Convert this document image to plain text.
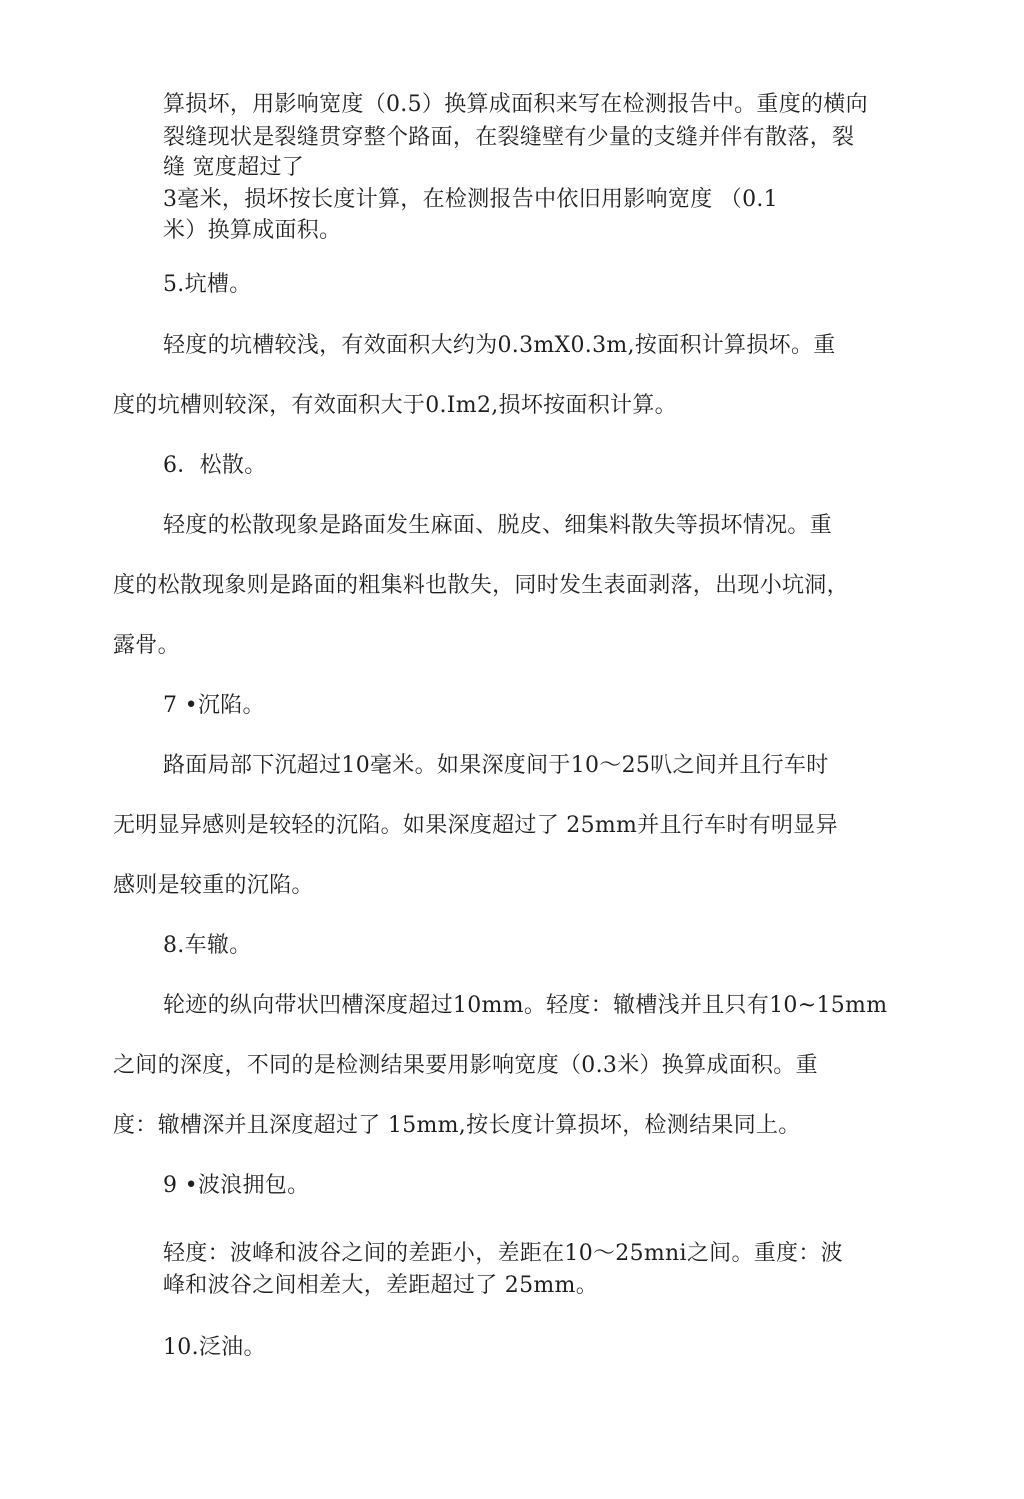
算损坏，用影响宽度（0.5）换算成面积来写在检测报告中。重度的横向
裂缝现状是裂缝贯穿整个路面，在裂缝壁有少量的支缝并伴有散落，裂
缝 宽度超过了
3毫米，损坏按长度计算，在检测报告中依旧用影响宽度 （0.1
米）换算成面积。
5.坑槽。
轻度的坑槽较浅，有效面积大约为0.3mX0.3m,按面积计算损坏。重
度的坑槽则较深，有效面积大于0.Im2,损坏按面积计算。
6．松散。
轻度的松散现象是路面发生麻面、脱皮、细集料散失等损坏情况。重
度的松散现象则是路面的粗集料也散失，同时发生表面剥落，出现小坑洞，
露骨。
7 •沉陷。
路面局部下沉超过10毫米。如果深度间于10～25叭之间并且行车时
无明显异感则是较轻的沉陷。如果深度超过了 25mm并且行车时有明显异
感则是较重的沉陷。
8.车辙。
轮迹的纵向带状凹槽深度超过10mm。轻度：辙槽浅并且只有10~15mm
之间的深度，不同的是检测结果要用影响宽度（0.3米）换算成面积。重
度：辙槽深并且深度超过了 15mm,按长度计算损坏，检测结果同上。
9 •波浪拥包。
轻度：波峰和波谷之间的差距小，差距在10～25mni之间。重度：波
峰和波谷之间相差大，差距超过了 25mm。
10.泛油。
